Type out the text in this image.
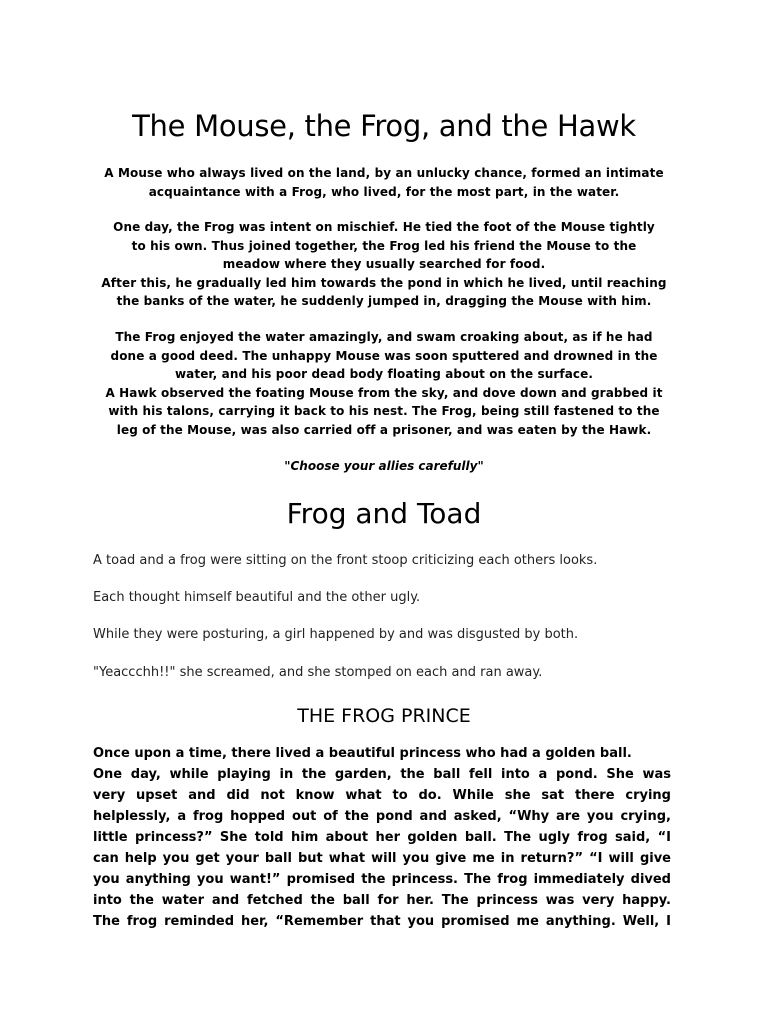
The Mouse, the Frog, and the Hawk

A Mouse who always lived on the land, by an unlucky chance, formed an intimate

acquaintance with a Frog, who lived, for the most part, in the water.

One day, the Frog was intent on mischief. He tied the foot of the Mouse tightly

to his own. Thus joined together, the Frog led his friend the Mouse to the

meadow where they usually searched for food.

After this, he gradually led him towards the pond in which he lived, until reaching

the banks of the water, he suddenly jumped in, dragging the Mouse with him.

The Frog enjoyed the water amazingly, and swam croaking about, as if he had

done a good deed. The unhappy Mouse was soon sputtered and drowned in the

water, and his poor dead body floating about on the surface.

A Hawk observed the foating Mouse from the sky, and dove down and grabbed it

with his talons, carrying it back to his nest. The Frog, being still fastened to the

leg of the Mouse, was also carried off a prisoner, and was eaten by the Hawk.

"Choose your allies carefully"
Frog and Toad

A toad and a frog were sitting on the front stoop criticizing each others looks.

Each thought himself beautiful and the other ugly.

While they were posturing, a girl happened by and was disgusted by both.

"Yeaccchh!!" she screamed, and she stomped on each and ran away.

THE FROG PRINCE
Once upon a time, there lived a beautiful princess who had a golden ball.
One day, while playing in the garden, the ball fell into a pond. She was
very upset and did not know what to do. While she sat there crying
helplessly, a frog hopped out of the pond and asked, “Why are you crying,
little princess?” She told him about her golden ball. The ugly frog said, “I
can help you get your ball but what will you give me in return?” “I will give
you anything you want!” promised the princess. The frog immediately dived
into the water and fetched the ball for her. The princess was very happy.
The frog reminded her, “Remember that you promised me anything. Well, I
